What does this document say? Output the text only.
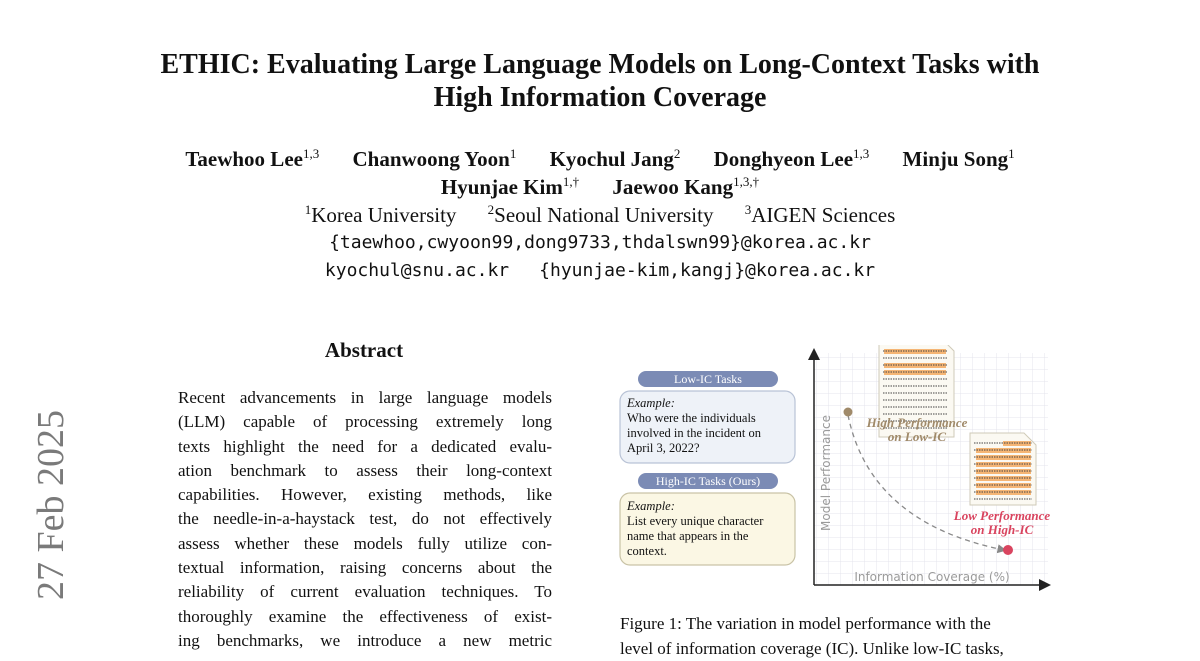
ETHIC: Evaluating Large Language Models on Long-Context Tasks with
High Information Coverage
Taewhoo Lee$^{1,3}$ Chanwoong Yoon$^1$ Kyochul Jang$^2$ Donghyeon Lee$^{1,3}$ Minju Song$^1$
Hyunjae Kim$^{1,\dagger}$ Jaewoo Kang$^{1,3,\dagger}$
$^1$Korea University $^2$Seoul National University $^3$AIGEN Sciences
{taewhoo,cwyoon99,dong9733,thdalswn99}@korea.ac.kr
kyochul@snu.ac.kr {hyunjae-kim,kangj}@korea.ac.kr
27 Feb 2025
Abstract
Recent advancements in large language models
(LLM) capable of processing extremely long
texts highlight the need for a dedicated evalu-
ation benchmark to assess their long-context
capabilities. However, existing methods, like
the needle-in-a-haystack test, do not effectively
assess whether these models fully utilize con-
textual information, raising concerns about the
reliability of current evaluation techniques. To
thoroughly examine the effectiveness of exist-
ing benchmarks, we introduce a new metric
Low-IC Tasks
Example:
Who were the individuals
involved in the incident on
April 3, 2022?
High-IC Tasks (Ours)
Example:
List every unique character
name that appears in the
context.
Model Performance
Information Coverage (%)
High Performance
on Low-IC
Low Performance
on High-IC
Figure 1: The variation in model performance with the
level of information coverage (IC). Unlike low-IC tasks,
